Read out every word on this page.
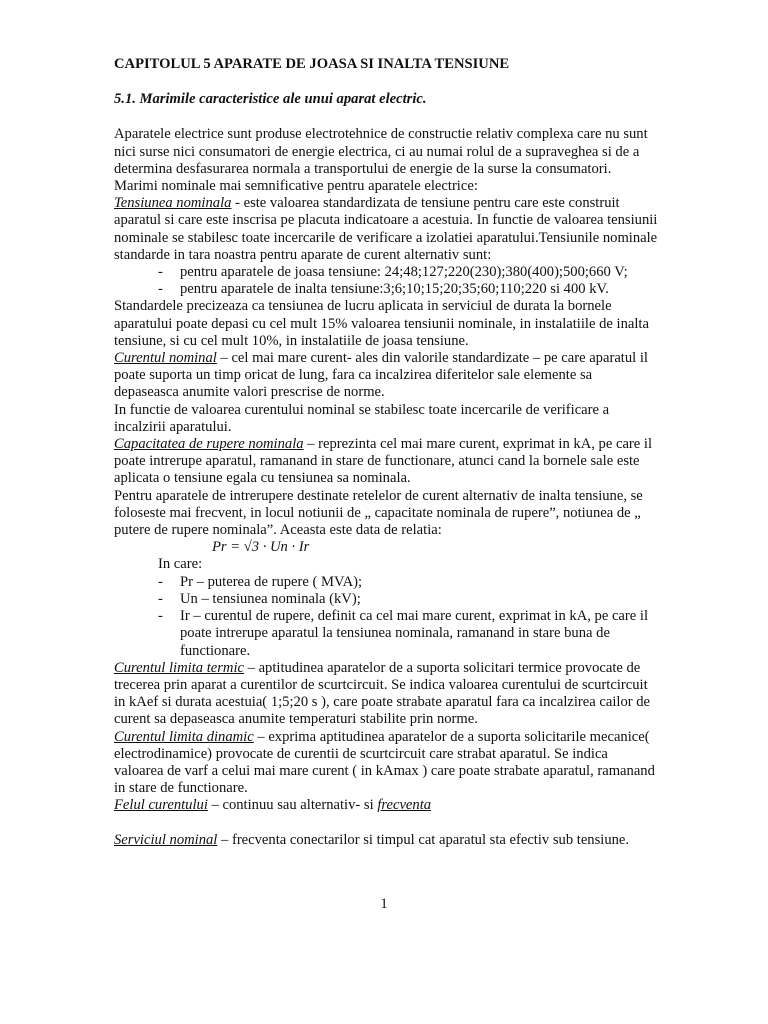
CAPITOLUL 5 APARATE DE JOASA SI INALTA TENSIUNE
5.1. Marimile caracteristice ale unui aparat electric.

Aparatele electrice sunt produse electrotehnice de constructie relativ complexa care nu sunt nici surse nici consumatori de energie electrica, ci au numai rolul de a supraveghea si de a determina desfasurarea normala a transportului de energie de la surse la consumatori.

Marimi nominale mai semnificative pentru aparatele electrice:

Tensiunea nominala - este valoarea standardizata de tensiune pentru care este construit aparatul si care este inscrisa pe placuta indicatoare a acestuia. In functie de valoarea tensiunii nominale se stabilesc toate incercarile de verificare a izolatiei aparatului.Tensiunile nominale standarde in tara noastra pentru aparate de curent alternativ sunt:

- pentru aparatele de joasa tensiune: 24;48;127;220(230);380(400);500;660 V;
- pentru aparatele de inalta tensiune:3;6;10;15;20;35;60;110;220 si 400 kV.

Standardele precizeaza ca tensiunea de lucru aplicata in serviciul de durata la bornele aparatului poate depasi cu cel mult 15% valoarea tensiunii nominale, in instalatiile de inalta tensiune, si cu cel mult 10%, in instalatiile de joasa tensiune.

Curentul nominal – cel mai mare curent- ales din valorile standardizate – pe care aparatul il poate suporta un timp oricat de lung, fara ca incalzirea diferitelor sale elemente sa depaseasca anumite valori prescrise de norme.

In functie de valoarea curentului nominal se stabilesc toate incercarile de verificare a incalzirii aparatului.

Capacitatea de rupere nominala – reprezinta cel mai mare curent, exprimat in kA, pe care il poate intrerupe aparatul, ramanand in stare de functionare, atunci cand la bornele sale este aplicata o tensiune egala cu tensiunea sa nominala.

Pentru aparatele de intrerupere destinate retelelor de curent alternativ de inalta tensiune, se foloseste mai frecvent, in locul notiunii de „ capacitate nominala de rupere”, notiunea de „ putere de rupere nominala”. Aceasta este data de relatia:

Pr = √3 · Un · Ir

In care:

- Pr – puterea de rupere ( MVA);
- Un – tensiunea nominala (kV);
- Ir – curentul de rupere, definit ca cel mai mare curent, exprimat in kA, pe care il poate intrerupe aparatul la tensiunea nominala, ramanand in stare buna de functionare.

Curentul limita termic – aptitudinea aparatelor de a suporta solicitari termice provocate de trecerea prin aparat a curentilor de scurtcircuit. Se indica valoarea curentului de scurtcircuit in kAef si durata acestuia( 1;5;20 s ), care poate strabate aparatul fara ca incalzirea cailor de curent sa depaseasca anumite temperaturi stabilite prin norme.

Curentul limita dinamic – exprima aptitudinea aparatelor de a suporta solicitarile mecanice( electrodinamice) provocate de curentii de scurtcircuit care strabat aparatul. Se indica valoarea de varf a celui mai mare curent ( in kAmax ) care poate strabate aparatul, ramanand in stare de functionare.

Felul curentului – continuu sau alternativ- si frecventa

Serviciul nominal – frecventa conectarilor si timpul cat aparatul sta efectiv sub tensiune.

1
